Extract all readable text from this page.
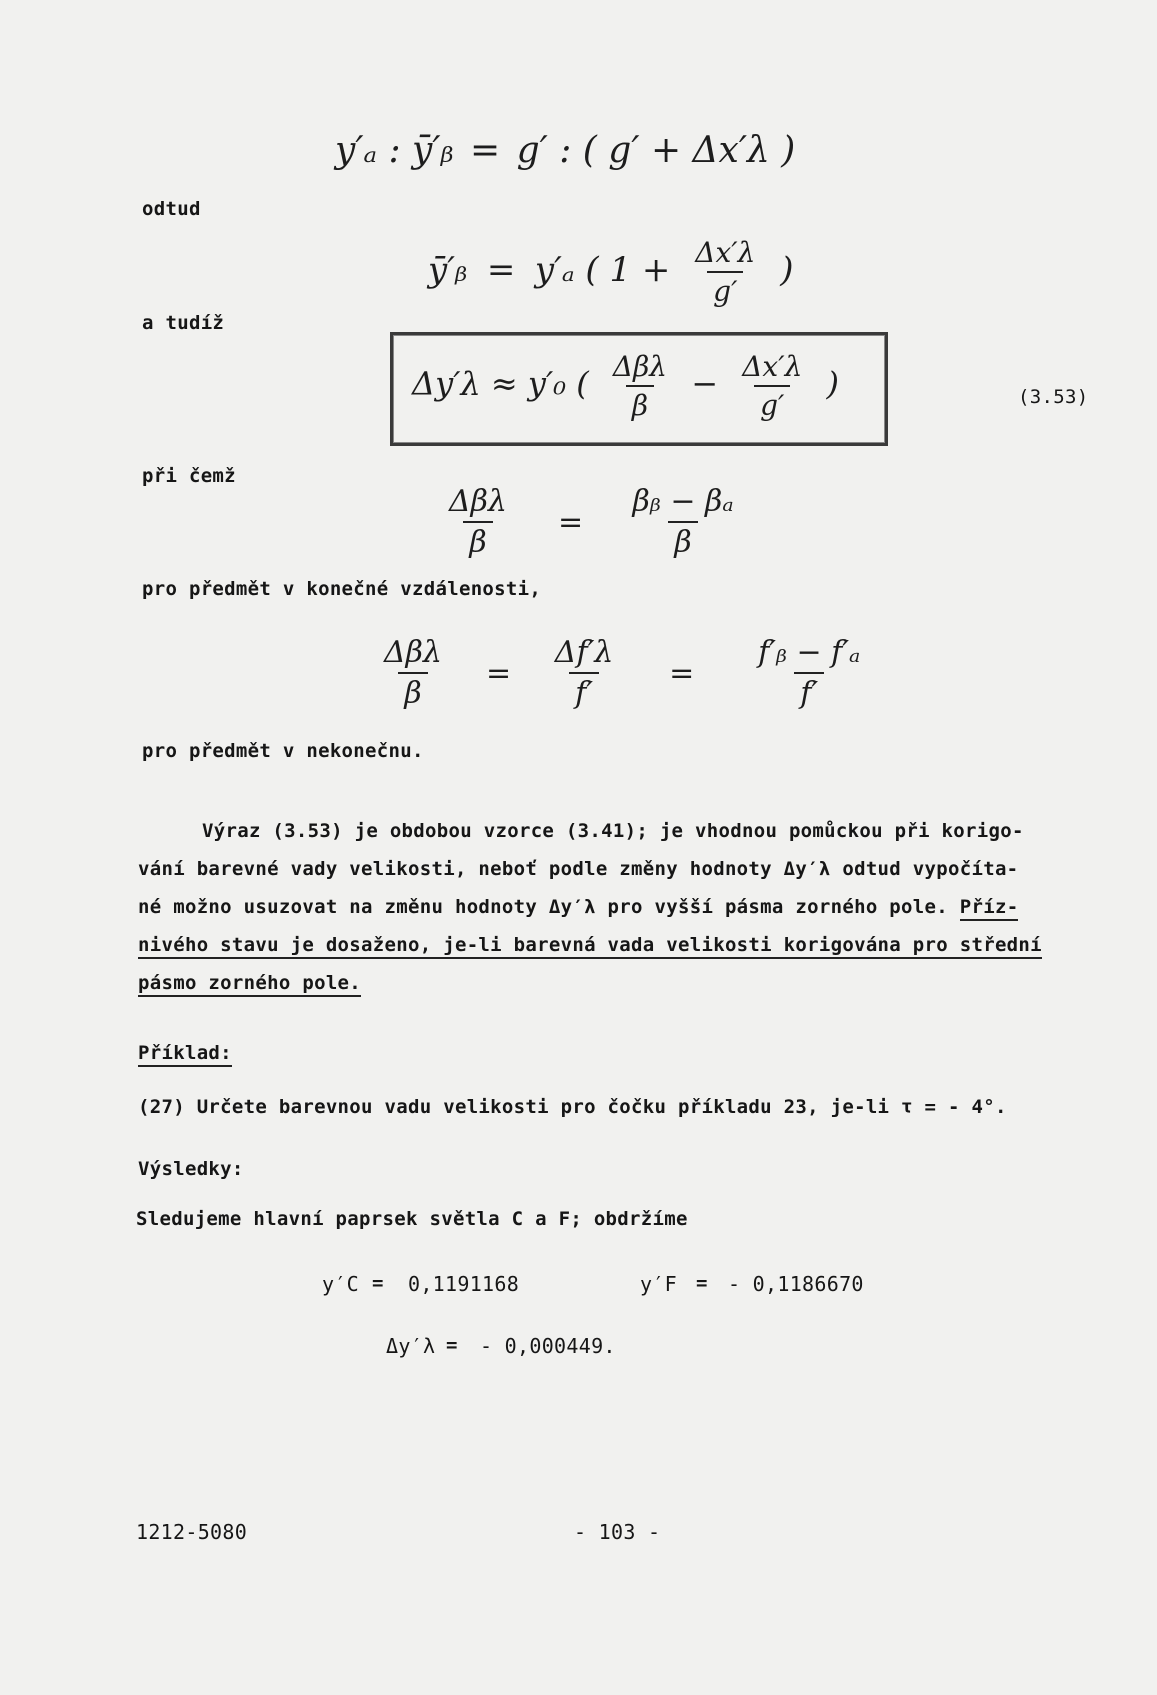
y′ₐ : ȳ′ᵦ = g′ : ( g′ + Δx′λ )
odtud
ȳ′ᵦ = y′ₐ ( $1 + \frac{\Delta x'\lambda}{g'}$ )
a tudíž
Δy′λ ≈ y′₀ ( $\frac{\text{Δβλ}}{\beta} - \frac{\Delta x'\lambda}{g'}$ )	(3.53)
při čemž
$\frac{\text{Δβλ}}{\beta} = \frac{\text{βᵦ − βₐ}}{\beta}$
pro předmět v konečné vzdálenosti,
$\frac{\text{Δβλ}}{\beta} = \frac{\Delta f'\lambda}{f'} = \frac{\text{f′ᵦ − f′ₐ}}{f'}$
pro předmět v nekonečnu.
Výraz (3.53) je obdobou vzorce (3.41); je vhodnou pomůckou při korigo-
vání barevné vady velikosti, neboť podle změny hodnoty Δy′λ odtud vypočíta-
né možno usuzovat na změnu hodnoty Δy′λ pro vyšší pásma zorného pole. Příz-
nivého stavu je dosaženo, je-li barevná vada velikosti korigována pro střední
pásmo zorného pole.
Příklad:
(27) Určete barevnou vadu velikosti pro čočku příkladu 23, je-li τ = - 4°.
Výsledky:
Sledujeme hlavní paprsek světla C a F; obdržíme
y′C = 0,1191168	y′F = - 0,1186670
Δy′λ = - 0,000449.
1212-5080	- 103 -
